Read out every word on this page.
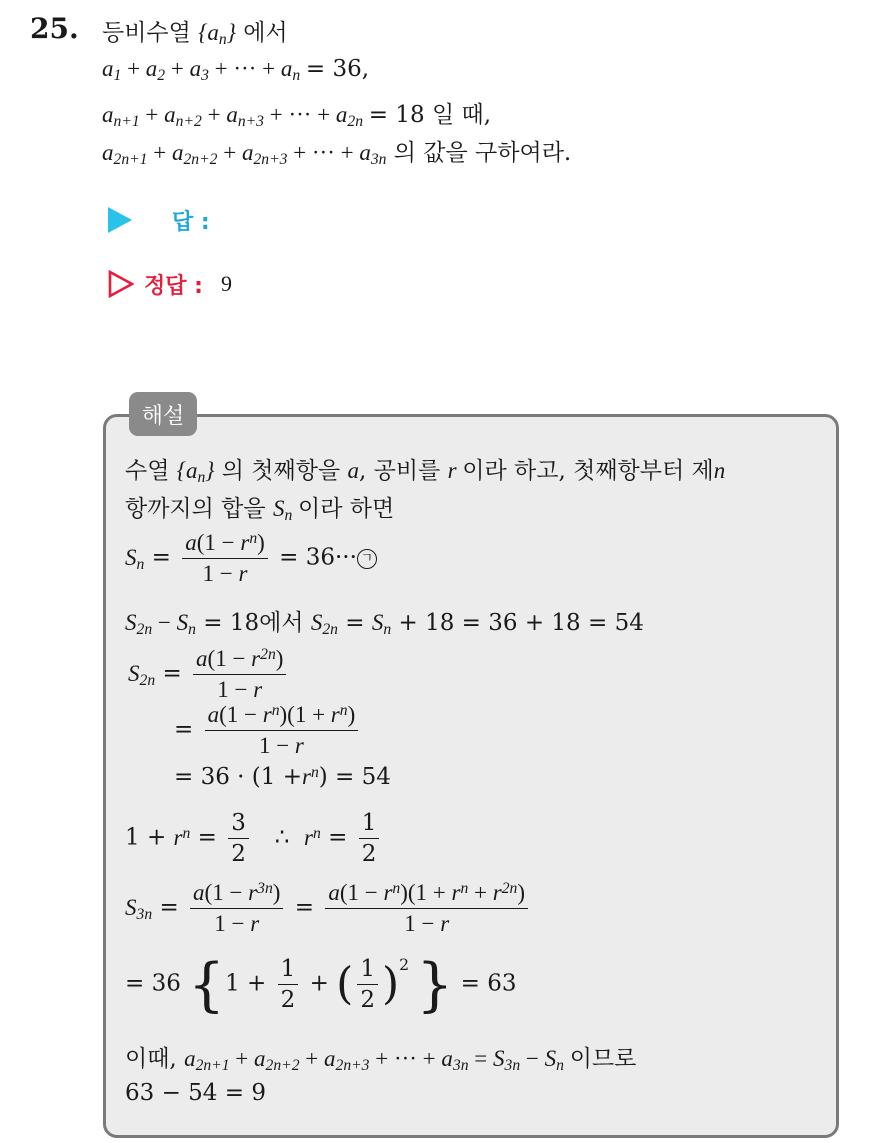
25. 등비수열 $\{a_n\}$ 에서
$a_1 + a_2 + a_3$ + ··· + $a_n = 36$,
$a_{n+1} + a_{n+2} + a_{n+3}$ + ··· + $a_{2n} = 18$ 일 때,
$a_{2n+1} + a_{2n+2} + a_{2n+3}$ + ··· + $a_{3n}$ 의 값을 구하여라.
답 :
정답 : 9
해설
수열 $\{a_n\}$ 의 첫째항을 a, 공비를 r 이라 하고, 첫째항부터 제n
항까지의 합을 $S_n$ 이라 하면
$S_n = \frac{a(1 - r^n)}{1 - r} = 36\cdot\cdot\cdot$ ㄱ
$S_{2n} - S_n = 18$에서 $S_{2n} = S_n + 18 = 36 + 18 = 54$
$S_{2n} = \frac{a(1 - r^{2n})}{1 - r}$
= $\frac{a(1 - r^n)(1 + r^n)}{1 - r}$
= $36 \cdot (1 +r^n) = 54$
$1 + r^n = \frac{3}{2}$ ∴ $r^n = \frac{1}{2}$
$S_{3n} = \frac{a(1 - r^{3n})}{1 - r} = \frac{a(1 - r^n)(1 + r^n + r^{2n})}{1 - r}$
= 36 {$1 + \frac{1}{2}$ + ( $\frac{1}{2} )^2$ } = 63
이때, $a_{2n+1} + a_{2n+2} + a_{2n+3}$ + ··· + $a_{3n} = S_{3n} - S_n$ 이므로
63 − 54 = 9
